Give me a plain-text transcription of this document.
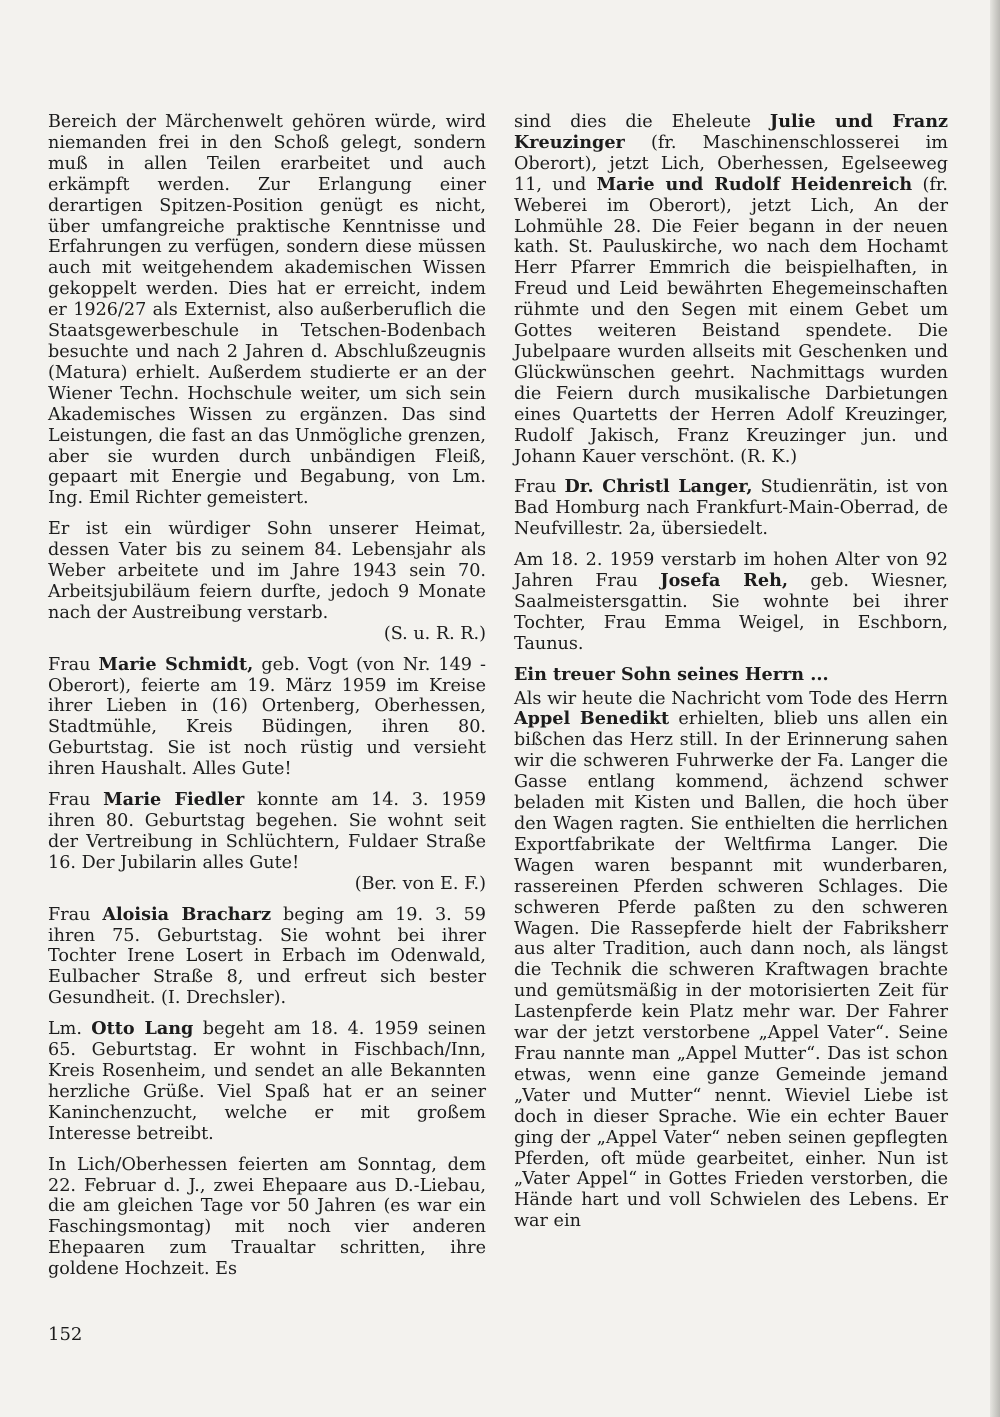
Bereich der Märchenwelt gehören würde, wird niemanden frei in den Schoß gelegt, sondern muß in allen Teilen erarbeitet und auch erkämpft werden. Zur Erlangung einer derartigen Spitzen-Position genügt es nicht, über umfangreiche praktische Kenntnisse und Erfahrungen zu verfügen, sondern diese müssen auch mit weitgehendem akademischen Wissen gekoppelt werden. Dies hat er erreicht, indem er 1926/27 als Externist, also außerberuflich die Staatsgewerbeschule in Tetschen-Bodenbach besuchte und nach 2 Jahren d. Abschlußzeugnis (Matura) erhielt. Außerdem studierte er an der Wiener Techn. Hochschule weiter, um sich sein Akademisches Wissen zu ergänzen. Das sind Leistungen, die fast an das Unmögliche grenzen, aber sie wurden durch unbändigen Fleiß, gepaart mit Energie und Begabung, von Lm. Ing. Emil Richter gemeistert.

Er ist ein würdiger Sohn unserer Heimat, dessen Vater bis zu seinem 84. Lebensjahr als Weber arbeitete und im Jahre 1943 sein 70. Arbeitsjubiläum feiern durfte, jedoch 9 Monate nach der Austreibung verstarb.

(S. u. R. R.)

Frau Marie Schmidt, geb. Vogt (von Nr. 149 - Oberort), feierte am 19. März 1959 im Kreise ihrer Lieben in (16) Ortenberg, Oberhessen, Stadtmühle, Kreis Büdingen, ihren 80. Geburtstag. Sie ist noch rüstig und versieht ihren Haushalt. Alles Gute!

Frau Marie Fiedler konnte am 14. 3. 1959 ihren 80. Geburtstag begehen. Sie wohnt seit der Vertreibung in Schlüchtern, Fuldaer Straße 16. Der Jubilarin alles Gute!

(Ber. von E. F.)

Frau Aloisia Bracharz beging am 19. 3. 59 ihren 75. Geburtstag. Sie wohnt bei ihrer Tochter Irene Losert in Erbach im Odenwald, Eulbacher Straße 8, und erfreut sich bester Gesundheit. (I. Drechsler).

Lm. Otto Lang begeht am 18. 4. 1959 seinen 65. Geburtstag. Er wohnt in Fischbach/Inn, Kreis Rosenheim, und sendet an alle Bekannten herzliche Grüße. Viel Spaß hat er an seiner Kaninchenzucht, welche er mit großem Interesse betreibt.

In Lich/Oberhessen feierten am Sonntag, dem 22. Februar d. J., zwei Ehepaare aus D.-Liebau, die am gleichen Tage vor 50 Jahren (es war ein Faschingsmontag) mit noch vier anderen Ehepaaren zum Traualtar schritten, ihre goldene Hochzeit. Es

sind dies die Eheleute Julie und Franz Kreuzinger (fr. Maschinenschlosserei im Oberort), jetzt Lich, Oberhessen, Egelseeweg 11, und Marie und Rudolf Heidenreich (fr. Weberei im Oberort), jetzt Lich, An der Lohmühle 28. Die Feier begann in der neuen kath. St. Pauluskirche, wo nach dem Hochamt Herr Pfarrer Emmrich die beispielhaften, in Freud und Leid bewährten Ehegemeinschaften rühmte und den Segen mit einem Gebet um Gottes weiteren Beistand spendete. Die Jubelpaare wurden allseits mit Geschenken und Glückwünschen geehrt. Nachmittags wurden die Feiern durch musikalische Darbietungen eines Quartetts der Herren Adolf Kreuzinger, Rudolf Jakisch, Franz Kreuzinger jun. und Johann Kauer verschönt. (R. K.)

Frau Dr. Christl Langer, Studienrätin, ist von Bad Homburg nach Frankfurt-Main-Oberrad, de Neufvillestr. 2a, übersiedelt.

Am 18. 2. 1959 verstarb im hohen Alter von 92 Jahren Frau Josefa Reh, geb. Wiesner, Saalmeistersgattin. Sie wohnte bei ihrer Tochter, Frau Emma Weigel, in Eschborn, Taunus.

Ein treuer Sohn seines Herrn ...

Als wir heute die Nachricht vom Tode des Herrn Appel Benedikt erhielten, blieb uns allen ein bißchen das Herz still. In der Erinnerung sahen wir die schweren Fuhrwerke der Fa. Langer die Gasse entlang kommend, ächzend schwer beladen mit Kisten und Ballen, die hoch über den Wagen ragten. Sie enthielten die herrlichen Exportfabrikate der Weltfirma Langer. Die Wagen waren bespannt mit wunderbaren, rassereinen Pferden schweren Schlages. Die schweren Pferde paßten zu den schweren Wagen. Die Rassepferde hielt der Fabriksherr aus alter Tradition, auch dann noch, als längst die Technik die schweren Kraftwagen brachte und gemütsmäßig in der motorisierten Zeit für Lastenpferde kein Platz mehr war. Der Fahrer war der jetzt verstorbene „Appel Vater“. Seine Frau nannte man „Appel Mutter“. Das ist schon etwas, wenn eine ganze Gemeinde jemand „Vater und Mutter“ nennt. Wieviel Liebe ist doch in dieser Sprache. Wie ein echter Bauer ging der „Appel Vater“ neben seinen gepflegten Pferden, oft müde gearbeitet, einher. Nun ist „Vater Appel“ in Gottes Frieden verstorben, die Hände hart und voll Schwielen des Lebens. Er war ein

152
